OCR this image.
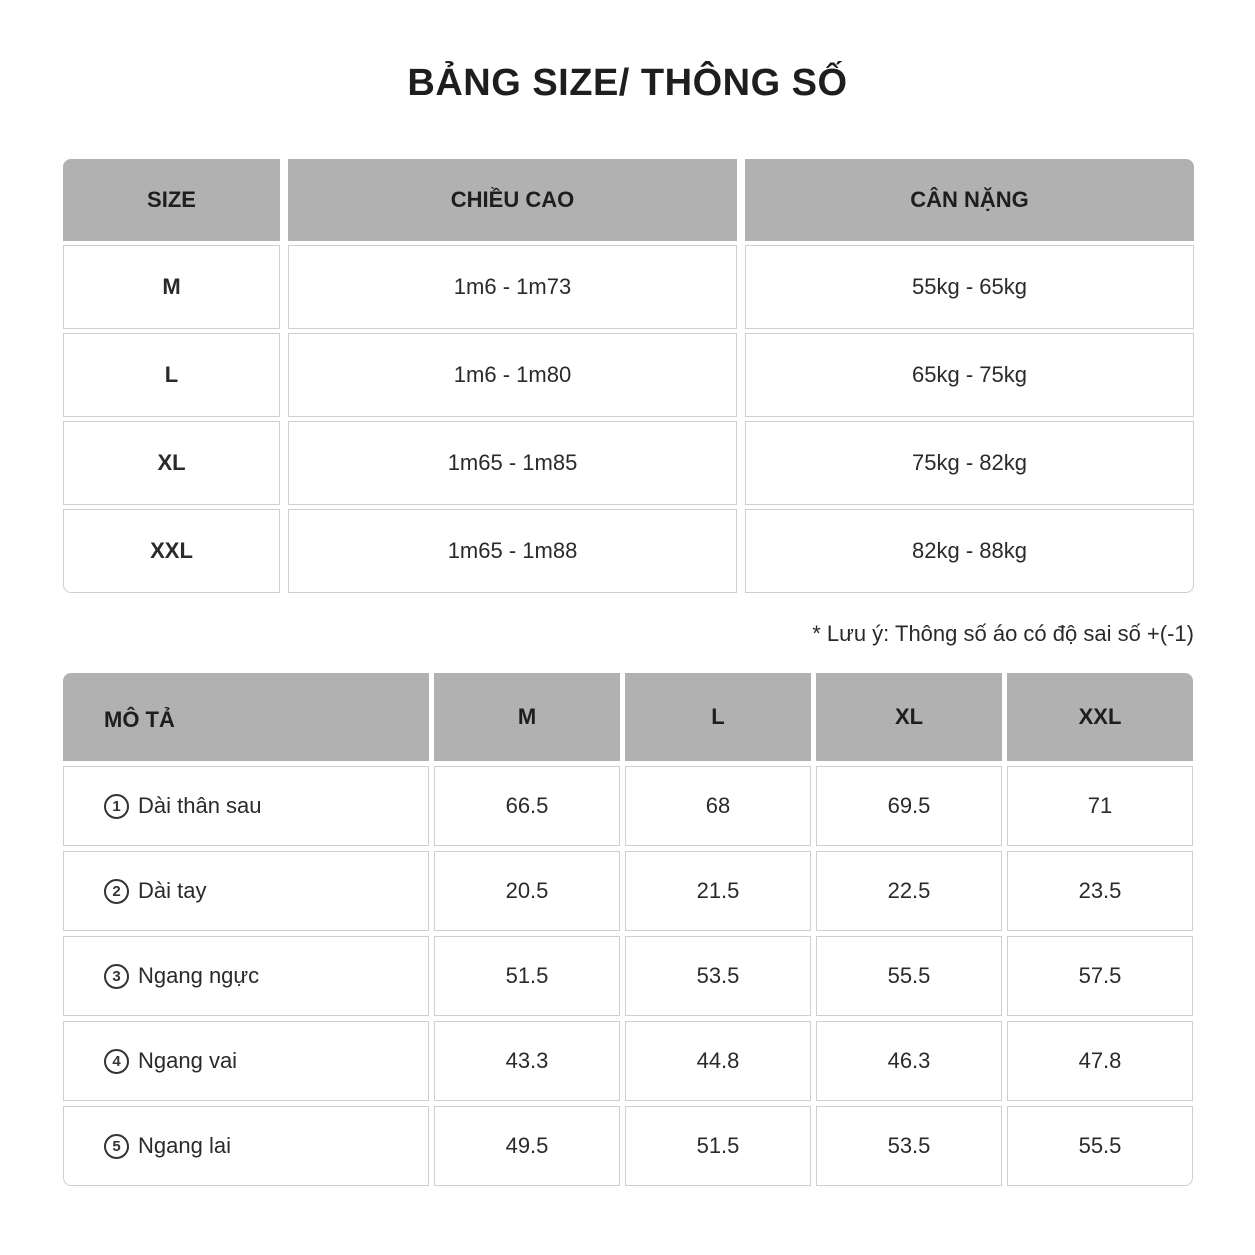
BẢNG SIZE/ THÔNG SỐ
SIZE	CHIỀU CAO	CÂN NẶNG
M	1m6 - 1m73	55kg - 65kg
L	1m6 - 1m80	65kg - 75kg
XL	1m65 - 1m85	75kg - 82kg
XXL	1m65 - 1m88	82kg - 88kg
* Lưu ý: Thông số áo có độ sai số +(-1)
MÔ TẢ	M	L	XL	XXL
1 Dài thân sau	66.5	68	69.5	71
2 Dài tay	20.5	21.5	22.5	23.5
3 Ngang ngực	51.5	53.5	55.5	57.5
4 Ngang vai	43.3	44.8	46.3	47.8
5 Ngang lai	49.5	51.5	53.5	55.5
